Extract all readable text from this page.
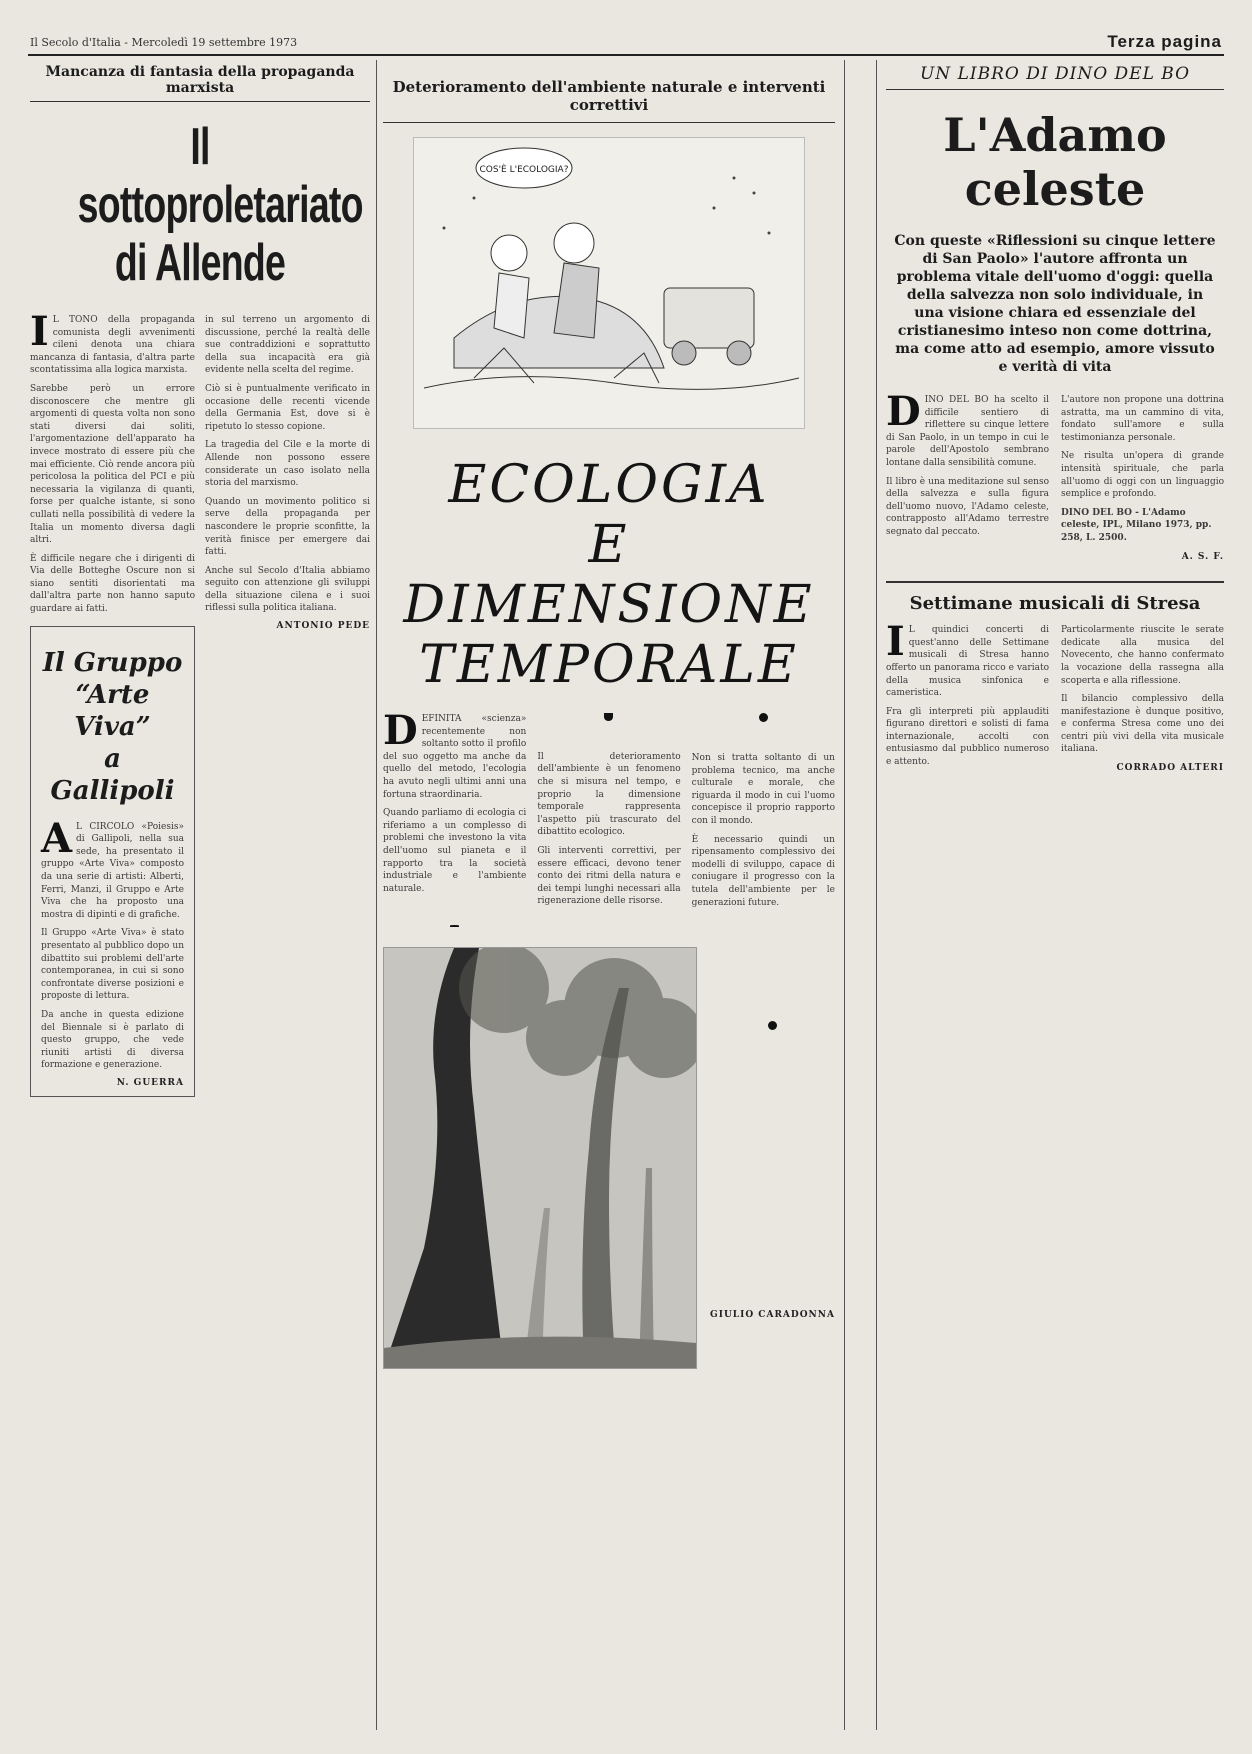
Il Secolo d'Italia - Mercoledì 19 settembre 1973	Terza pagina
Mancanza di fantasia della propaganda marxista
Il sottoproletariato
di Allende

I L TONO della propaganda comunista degli avvenimenti cileni denota una chiara mancanza di fantasia, d'altra parte scontatissima alla logica marxista.

Sarebbe però un errore disconoscere che mentre gli argomenti di questa volta non sono stati diversi dai soliti, l'argomentazione dell'apparato ha invece mostrato di essere più che mai efficiente. Ciò rende ancora più pericolosa la politica del PCI e più necessaria la vigilanza di quanti, forse per qualche istante, si sono cullati nella possibilità di vedere la Italia un momento diversa dagli altri.

È difficile negare che i dirigenti di Via delle Botteghe Oscure non si siano sentiti disorientati ma dall'altra parte non hanno saputo guardare ai fatti.

Il Gruppo
“Arte Viva”
a Gallipoli

A L CIRCOLO «Poiesis» di Gallipoli, nella sua sede, ha presentato il gruppo «Arte Viva» composto da una serie di artisti: Alberti, Ferri, Manzi, il Gruppo e Arte Viva che ha proposto una mostra di dipinti e di grafiche.

Il Gruppo «Arte Viva» è stato presentato al pubblico dopo un dibattito sui problemi dell'arte contemporanea, in cui si sono confrontate diverse posizioni e proposte di lettura.

Da anche in questa edizione del Biennale si è parlato di questo gruppo, che vede riuniti artisti di diversa formazione e generazione.

N. GUERRA

in sul terreno un argomento di discussione, perché la realtà delle sue contraddizioni e soprattutto della sua incapacità era già evidente nella scelta del regime.

Ciò si è puntualmente verificato in occasione delle recenti vicende della Germania Est, dove si è ripetuto lo stesso copione.

La tragedia del Cile e la morte di Allende non possono essere considerate un caso isolato nella storia del marxismo.

Quando un movimento politico si serve della propaganda per nascondere le proprie sconfitte, la verità finisce per emergere dai fatti.

Anche sul Secolo d'Italia abbiamo seguito con attenzione gli sviluppi della situazione cilena e i suoi riflessi sulla politica italiana.

ANTONIO PEDE
Deterioramento dell'ambiente naturale e interventi correttivi
COS'È L'ECOLOGIA?
ECOLOGIA
E DIMENSIONE
TEMPORALE

DEFINITA «scienza» recentemente non soltanto sotto il profilo del suo oggetto ma anche da quello del metodo, l'ecologia ha avuto negli ultimi anni una fortuna straordinaria.

Quando parliamo di ecologia ci riferiamo a un complesso di problemi che investono la vita dell'uomo sul pianeta e il rapporto tra la società industriale e l'ambiente naturale.

Il deterioramento dell'ambiente è un fenomeno che si misura nel tempo, e proprio la dimensione temporale rappresenta l'aspetto più trascurato del dibattito ecologico.

Gli interventi correttivi, per essere efficaci, devono tener conto dei ritmi della natura e dei tempi lunghi necessari alla rigenerazione delle risorse.

Non si tratta soltanto di un problema tecnico, ma anche culturale e morale, che riguarda il modo in cui l'uomo concepisce il proprio rapporto con il mondo.

È necessario quindi un ripensamento complessivo dei modelli di sviluppo, capace di coniugare il progresso con la tutela dell'ambiente per le generazioni future.

GIULIO CARADONNA
UN LIBRO DI DINO DEL BO
L'Adamo
celeste
Con queste «Riflessioni su cinque lettere di San Paolo» l'autore affronta un problema vitale dell'uomo d'oggi: quella della salvezza non solo individuale, in una visione chiara ed essenziale del cristianesimo inteso non come dottrina, ma come atto ad esempio, amore vissuto e verità di vita

DINO DEL BO ha scelto il difficile sentiero di riflettere su cinque lettere di San Paolo, in un tempo in cui le parole dell'Apostolo sembrano lontane dalla sensibilità comune.

Il libro è una meditazione sul senso della salvezza e sulla figura dell'uomo nuovo, l'Adamo celeste, contrapposto all'Adamo terrestre segnato dal peccato.

L'autore non propone una dottrina astratta, ma un cammino di vita, fondato sull'amore e sulla testimonianza personale.

Ne risulta un'opera di grande intensità spirituale, che parla all'uomo di oggi con un linguaggio semplice e profondo.

DINO DEL BO - L'Adamo celeste, IPL, Milano 1973, pp. 258, L. 2500.

A. S. F.
Settimane musicali di Stresa

I L quindici concerti di quest'anno delle Settimane musicali di Stresa hanno offerto un panorama ricco e variato della musica sinfonica e cameristica.

Fra gli interpreti più applauditi figurano direttori e solisti di fama internazionale, accolti con entusiasmo dal pubblico numeroso e attento.

Particolarmente riuscite le serate dedicate alla musica del Novecento, che hanno confermato la vocazione della rassegna alla scoperta e alla riflessione.

Il bilancio complessivo della manifestazione è dunque positivo, e conferma Stresa come uno dei centri più vivi della vita musicale italiana.

CORRADO ALTERI
